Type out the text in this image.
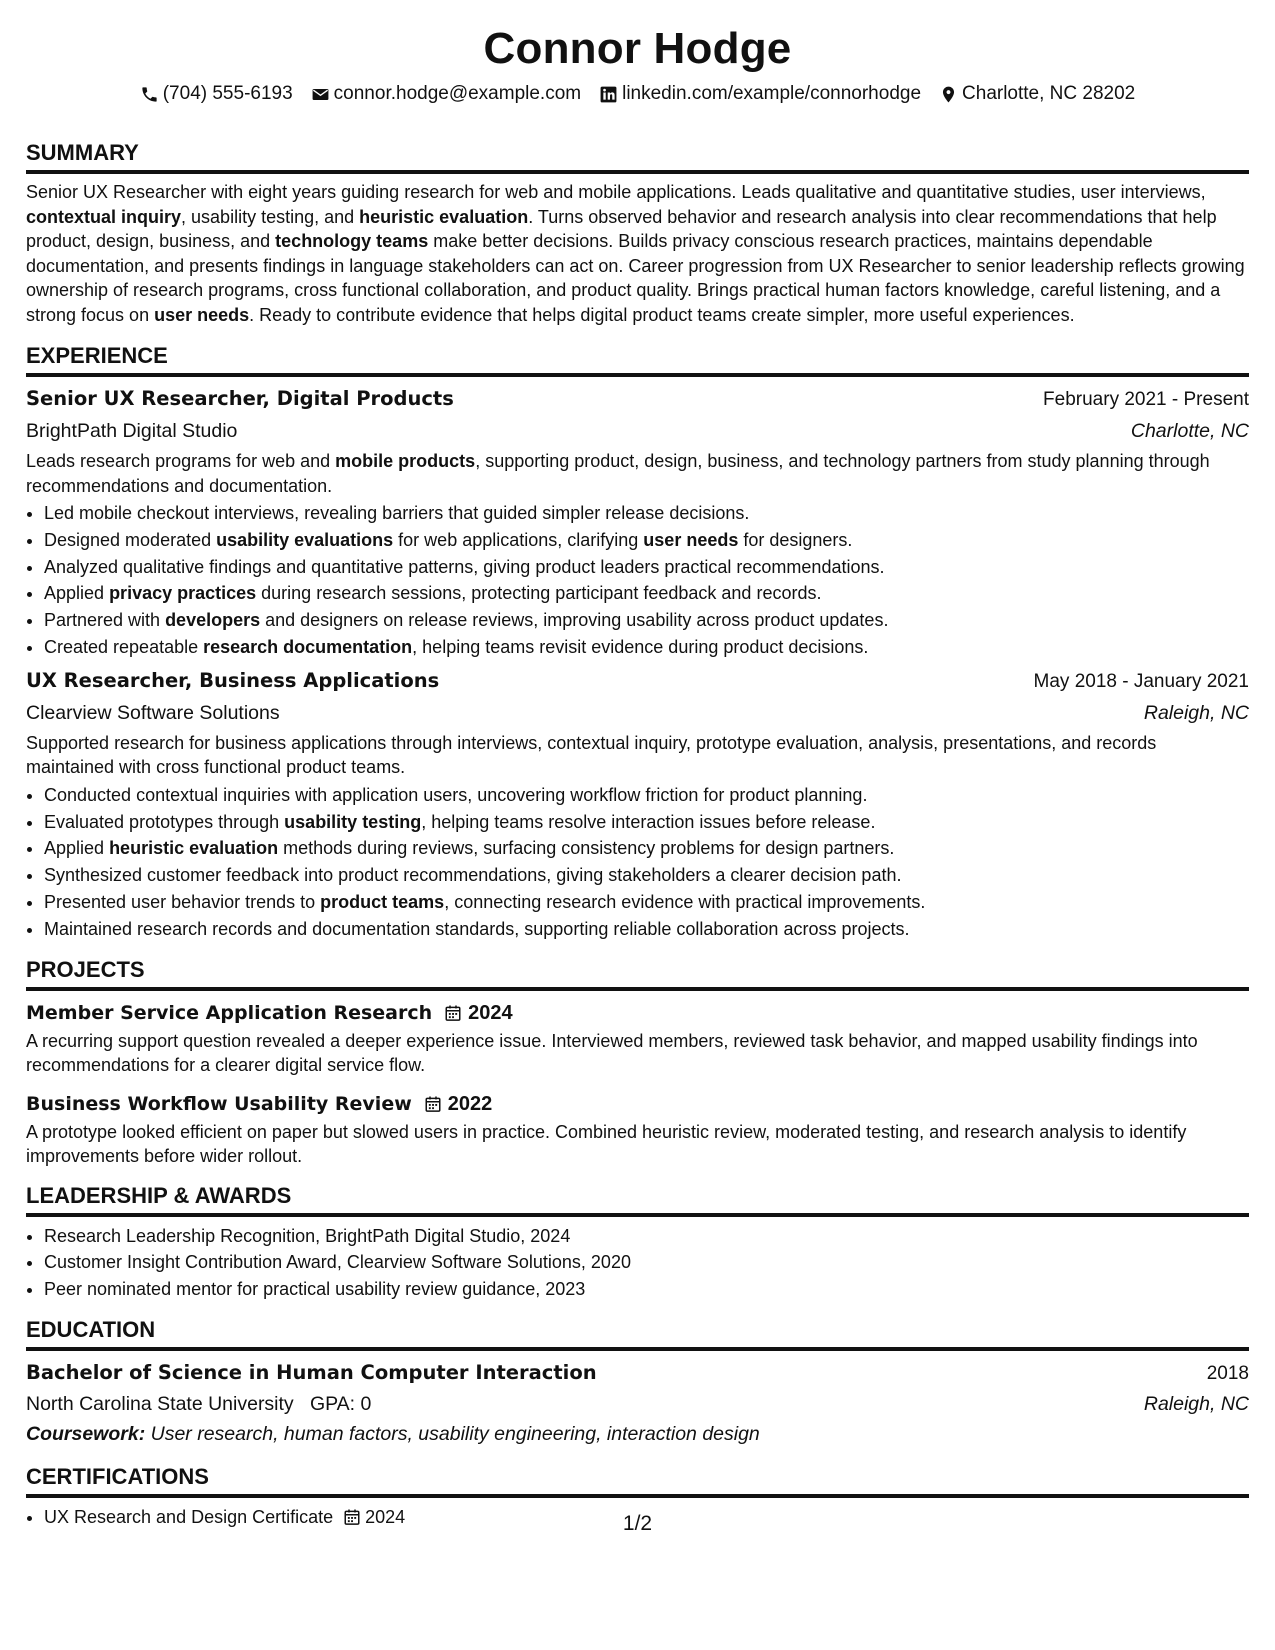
Connor Hodge
(704) 555-6193 connor.hodge@example.com linkedin.com/example/connorhodge Charlotte, NC 28202
SUMMARY

Senior UX Researcher with eight years guiding research for web and mobile applications. Leads qualitative and quantitative studies, user interviews, contextual inquiry, usability testing, and heuristic evaluation. Turns observed behavior and research analysis into clear recommendations that help product, design, business, and technology teams make better decisions. Builds privacy conscious research practices, maintains dependable documentation, and presents findings in language stakeholders can act on. Career progression from UX Researcher to senior leadership reflects growing ownership of research programs, cross functional collaboration, and product quality. Brings practical human factors knowledge, careful listening, and a strong focus on user needs. Ready to contribute evidence that helps digital product teams create simpler, more useful experiences.

EXPERIENCE
Senior UX Researcher, Digital Products	February 2021 - Present
BrightPath Digital Studio	Charlotte, NC

Leads research programs for web and mobile products, supporting product, design, business, and technology partners from study planning through recommendations and documentation.

• Led mobile checkout interviews, revealing barriers that guided simpler release decisions.
• Designed moderated usability evaluations for web applications, clarifying user needs for designers.
• Analyzed qualitative findings and quantitative patterns, giving product leaders practical recommendations.
• Applied privacy practices during research sessions, protecting participant feedback and records.
• Partnered with developers and designers on release reviews, improving usability across product updates.
• Created repeatable research documentation, helping teams revisit evidence during product decisions.
UX Researcher, Business Applications	May 2018 - January 2021
Clearview Software Solutions	Raleigh, NC

Supported research for business applications through interviews, contextual inquiry, prototype evaluation, analysis, presentations, and records maintained with cross functional product teams.

• Conducted contextual inquiries with application users, uncovering workflow friction for product planning.
• Evaluated prototypes through usability testing, helping teams resolve interaction issues before release.
• Applied heuristic evaluation methods during reviews, surfacing consistency problems for design partners.
• Synthesized customer feedback into product recommendations, giving stakeholders a clearer decision path.
• Presented user behavior trends to product teams, connecting research evidence with practical improvements.
• Maintained research records and documentation standards, supporting reliable collaboration across projects.
PROJECTS
Member Service Application Research 2024

A recurring support question revealed a deeper experience issue. Interviewed members, reviewed task behavior, and mapped usability findings into recommendations for a clearer digital service flow.

Business Workflow Usability Review 2022

A prototype looked efficient on paper but slowed users in practice. Combined heuristic review, moderated testing, and research analysis to identify improvements before wider rollout.

LEADERSHIP & AWARDS
• Research Leadership Recognition, BrightPath Digital Studio, 2024
• Customer Insight Contribution Award, Clearview Software Solutions, 2020
• Peer nominated mentor for practical usability review guidance, 2023
EDUCATION
Bachelor of Science in Human Computer Interaction	2018
North Carolina State University GPA: 0	Raleigh, NC

Coursework: User research, human factors, usability engineering, interaction design

CERTIFICATIONS
• UX Research and Design Certificate 2024	1/2
